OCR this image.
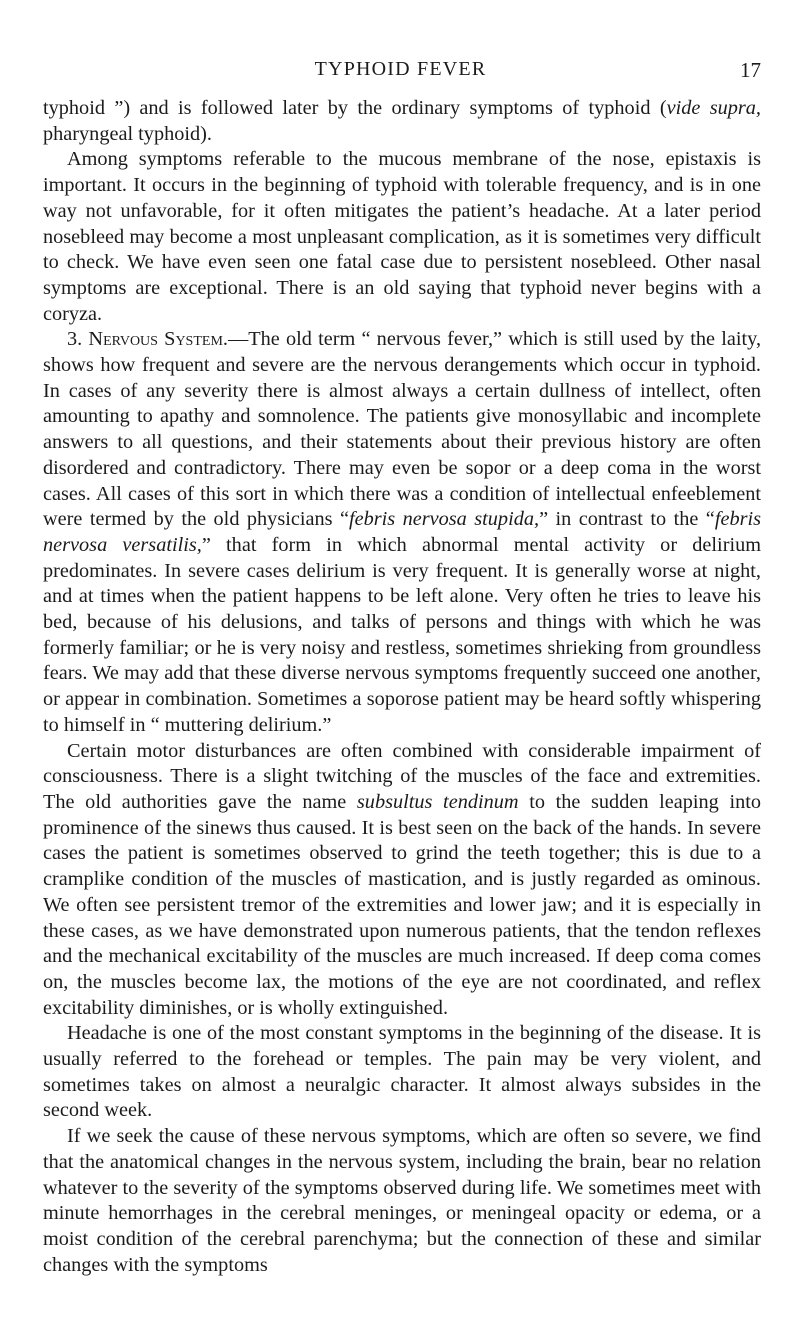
TYPHOID FEVER	17

typhoid ”) and is followed later by the ordinary symptoms of typhoid (vide supra, pharyngeal typhoid).

Among symptoms referable to the mucous membrane of the nose, epistaxis is important. It occurs in the beginning of typhoid with tolerable frequency, and is in one way not unfavorable, for it often mitigates the patient’s headache. At a later period nosebleed may become a most unpleasant complication, as it is sometimes very difficult to check. We have even seen one fatal case due to persistent nosebleed. Other nasal symptoms are exceptional. There is an old saying that typhoid never begins with a coryza.

3. Nervous System.—The old term “ nervous fever,” which is still used by the laity, shows how frequent and severe are the nervous derangements which occur in typhoid. In cases of any severity there is almost always a certain dullness of intellect, often amounting to apathy and somnolence. The patients give monosyllabic and incomplete answers to all questions, and their statements about their previous history are often disordered and contradictory. There may even be sopor or a deep coma in the worst cases. All cases of this sort in which there was a condition of intellectual enfeeblement were termed by the old physicians “febris nervosa stupida,” in contrast to the “febris nervosa versatilis,” that form in which abnormal mental activity or delirium predominates. In severe cases delirium is very frequent. It is generally worse at night, and at times when the patient happens to be left alone. Very often he tries to leave his bed, because of his delusions, and talks of persons and things with which he was formerly familiar; or he is very noisy and restless, sometimes shrieking from groundless fears. We may add that these diverse nervous symptoms frequently succeed one another, or appear in combination. Sometimes a soporose patient may be heard softly whispering to himself in “ muttering delirium.”

Certain motor disturbances are often combined with considerable impairment of consciousness. There is a slight twitching of the muscles of the face and extremities. The old authorities gave the name subsultus tendinum to the sudden leaping into prominence of the sinews thus caused. It is best seen on the back of the hands. In severe cases the patient is sometimes observed to grind the teeth together; this is due to a cramplike condition of the muscles of mastication, and is justly regarded as ominous. We often see persistent tremor of the extremities and lower jaw; and it is especially in these cases, as we have demonstrated upon numerous patients, that the tendon reflexes and the mechanical excitability of the muscles are much increased. If deep coma comes on, the muscles become lax, the motions of the eye are not coordinated, and reflex excitability diminishes, or is wholly extinguished.

Headache is one of the most constant symptoms in the beginning of the disease. It is usually referred to the forehead or temples. The pain may be very violent, and sometimes takes on almost a neuralgic character. It almost always subsides in the second week.

If we seek the cause of these nervous symptoms, which are often so severe, we find that the anatomical changes in the nervous system, including the brain, bear no relation whatever to the severity of the symptoms observed during life. We sometimes meet with minute hemorrhages in the cerebral meninges, or meningeal opacity or edema, or a moist condition of the cerebral parenchyma; but the connection of these and similar changes with the symptoms
